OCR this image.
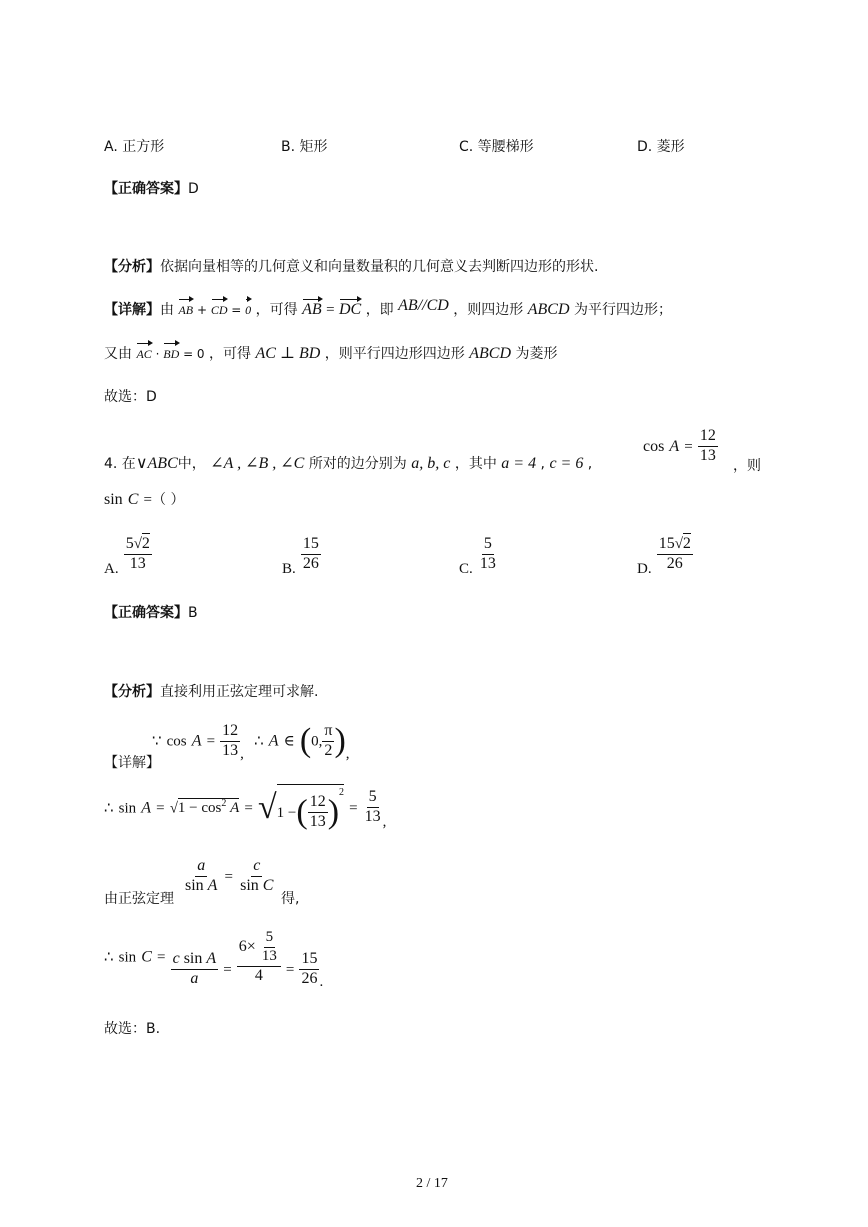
A. 正方形	B. 矩形	C. 等腰梯形	D. 菱形
【正确答案】D
【分析】依据向量相等的几何意义和向量数量积的几何意义去判断四边形的形状.
【详解】由 AB + CD = 0 ，可得 AB = DC ，即 AB//CD ，则四边形 ABCD 为平行四边形；
又由 AC · BD = 0 ，可得 AC ⊥ BD ，则平行四边形四边形 ABCD 为菱形
故选：D
4. 在∨ABC中， ∠A , ∠B , ∠C 所对的边分别为 a, b, c ，其中 a = 4 , c = 6 ,
$\cos A = \frac{12}{13}$
，则
sin C =（ ）
A. $\frac{5√2}{13}$	B. $\frac{15}{26}$	C. $\frac{5}{13}$	D. $\frac{15√2}{26}$
【正确答案】B
【分析】直接利用正弦定理可求解.
【详解】
∵ $\cos A = \frac{12}{13}$ ,  ∴ A ∈ (0, $\frac{\pi}{2}$ ),
∴ $\sin A = √1 - \cos^2 A = √1$ −( $\frac{12}{13} )^2 = \frac{5}{13}$ ,
由正弦定理
$\frac{a}{\text{sin A}} = \frac{c}{\text{sin C}}$
得,
∴ $\sin C = \frac{\text{c sin A}}{a} = \frac{6\times \frac{5}{13}}{4} = \frac{15}{26}$ .
故选：B.
2 / 17
